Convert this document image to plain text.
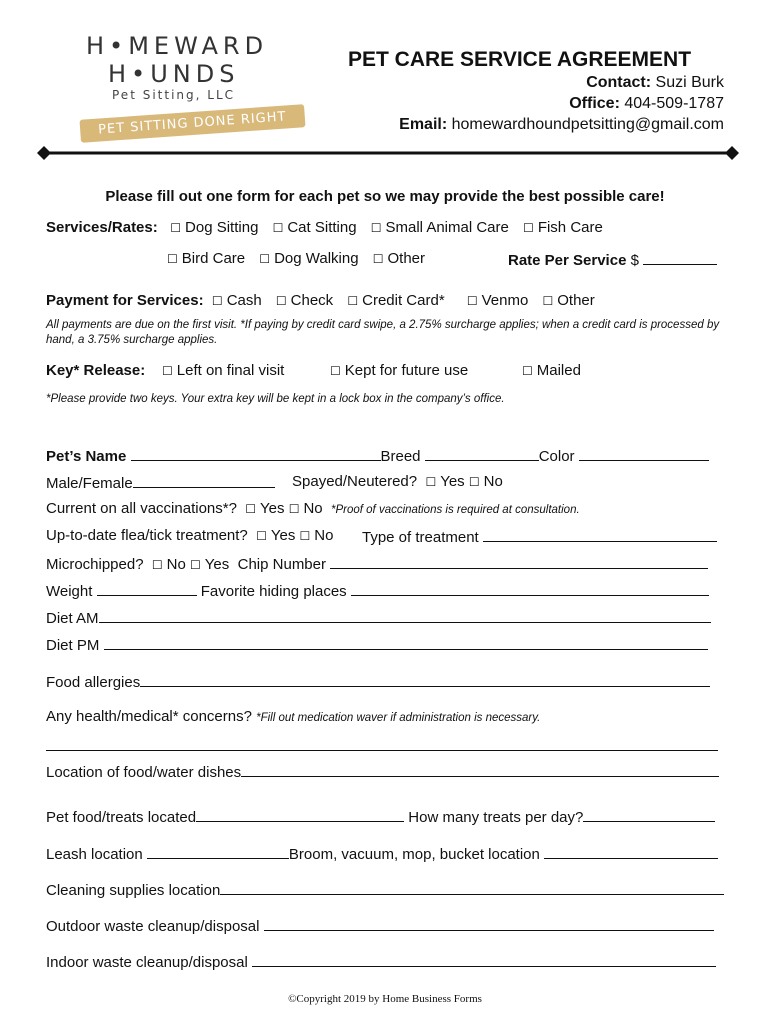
H•MEWARD
H•UNDS
Pet Sitting, LLC
PET SITTING DONE RIGHT
PET CARE SERVICE AGREEMENT
Contact: Suzi Burk
Office: 404-509-1787
Email: homewardhoundpetsitting@gmail.com
Please fill out one form for each pet so we may provide the best possible care!
Services/Rates: ☐ Dog Sitting ☐ Cat Sitting ☐ Small Animal Care ☐ Fish Care
☐ Bird Care ☐ Dog Walking ☐ Other	Rate Per Service $
Payment for Services: ☐ Cash ☐ Check ☐ Credit Card* ☐ Venmo ☐ Other
All payments are due on the first visit. *If paying by credit card swipe, a 2.75% surcharge applies; when a credit card is processed by hand, a 3.75% surcharge applies.
Key* Release: ☐ Left on final visit	☐ Kept for future use	☐ Mailed
*Please provide two keys. Your extra key will be kept in a lock box in the company’s office.
Pet’s Name	Breed	Color
Male/Female	Spayed/Neutered? ☐ Yes ☐ No
Current on all vaccinations*? ☐ Yes ☐ No *Proof of vaccinations is required at consultation.
Up-to-date flea/tick treatment? ☐ Yes ☐ No Type of treatment
Microchipped? ☐ No ☐ Yes Chip Number
Weight	Favorite hiding places
Diet AM
Diet PM
Food allergies
Any health/medical* concerns? *Fill out medication waver if administration is necessary.
Location of food/water dishes
Pet food/treats located	How many treats per day?
Leash location	Broom, vacuum, mop, bucket location
Cleaning supplies location
Outdoor waste cleanup/disposal
Indoor waste cleanup/disposal
©Copyright 2019 by Home Business Forms
